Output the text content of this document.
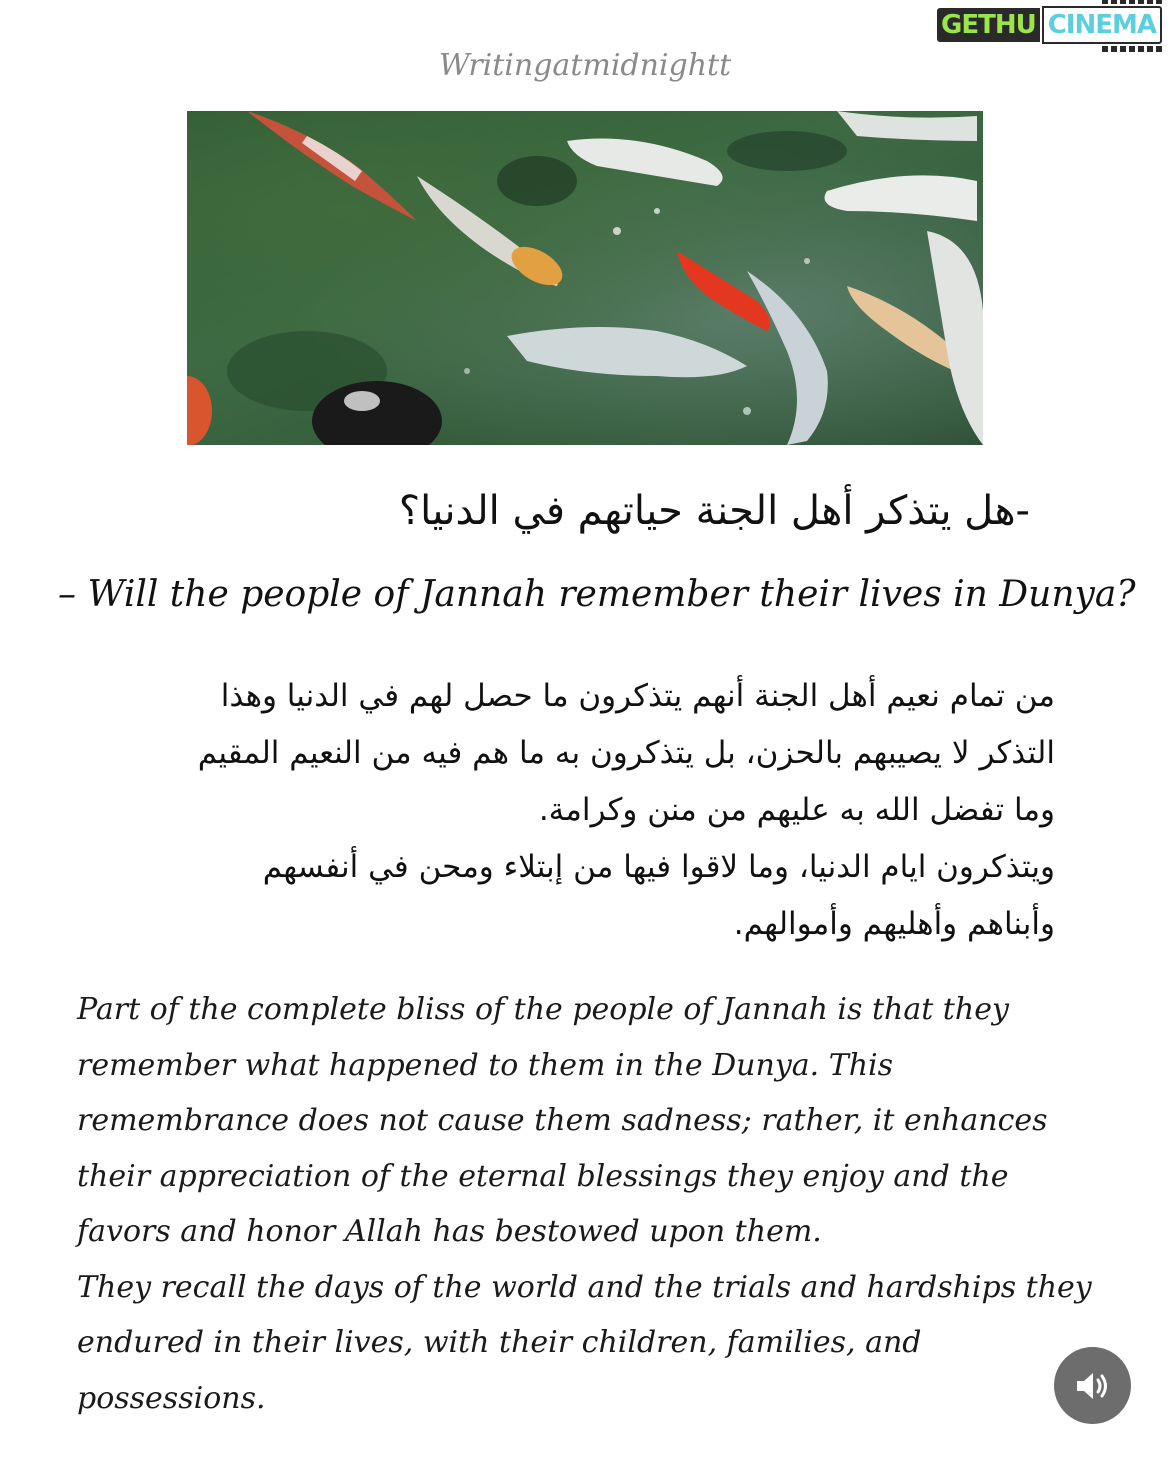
GETHU CINEMA
Writingatmidnightt
-هل يتذكر أهل الجنة حياتهم في الدنيا؟
– Will the people of Jannah remember their lives in Dunya?

من تمام نعيم أهل الجنة أنهم يتذكرون ما حصل لهم في الدنيا وهذا التذكر لا يصيبهم بالحزن، بل يتذكرون به ما هم فيه من النعيم المقيم وما تفضل الله به عليهم من منن وكرامة.

ويتذكرون ايام الدنيا، وما لاقوا فيها من إبتلاء ومحن في أنفسهم وأبناهم وأهليهم وأموالهم.

Part of the complete bliss of the people of Jannah is that they remember what happened to them in the Dunya. This remembrance does not cause them sadness; rather, it enhances their appreciation of the eternal blessings they enjoy and the favors and honor Allah has bestowed upon them.

They recall the days of the world and the trials and hardships they endured in their lives, with their children, families, and possessions.
